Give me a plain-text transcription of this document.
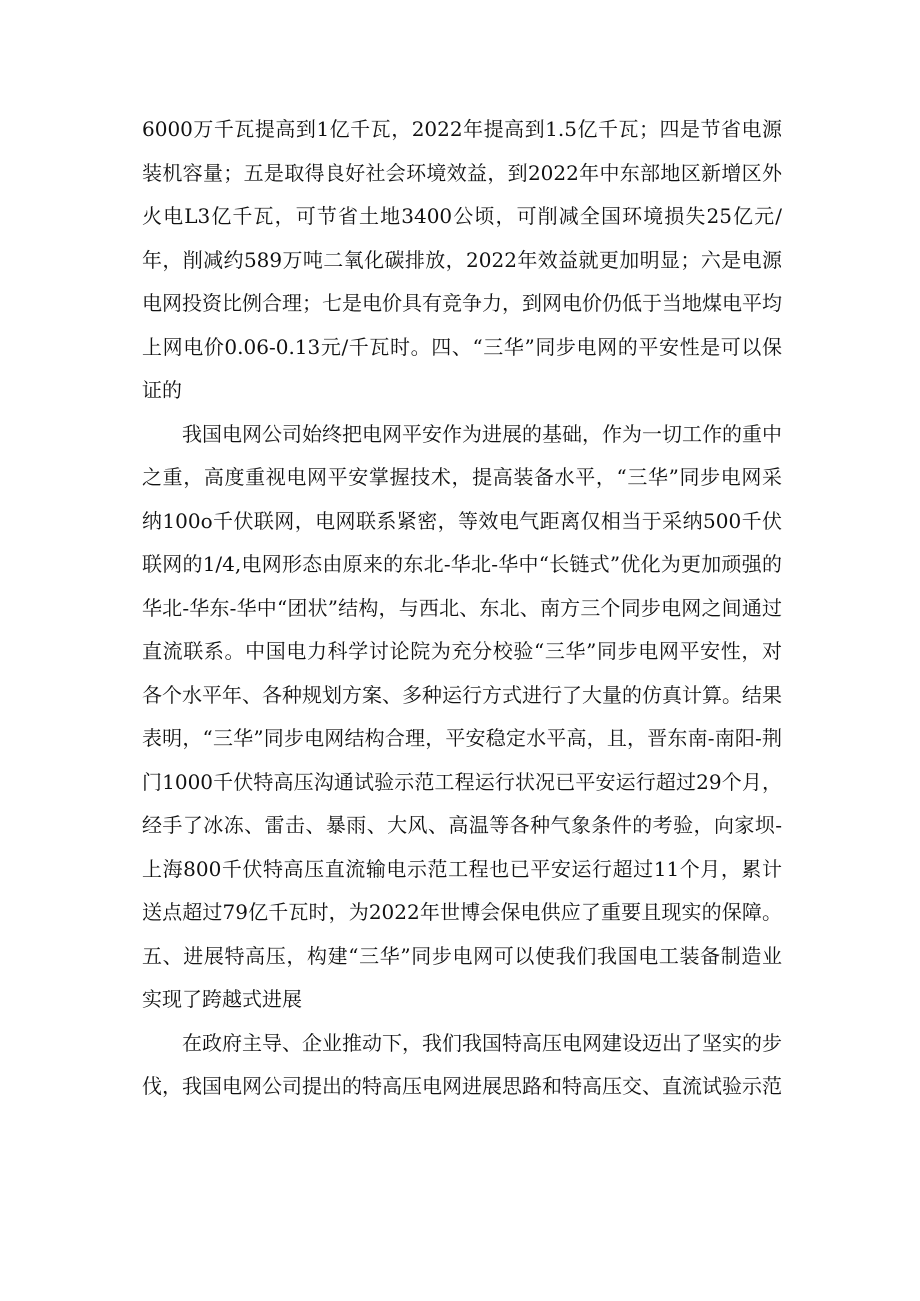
6000万千瓦提高到1亿千瓦，2022年提高到1.5亿千瓦；四是节省电源装机容量；五是取得良好社会环境效益，到2022年中东部地区新增区外火电L3亿千瓦，可节省土地3400公顷，可削减全国环境损失25亿元/年，削减约589万吨二氧化碳排放，2022年效益就更加明显；六是电源电网投资比例合理；七是电价具有竞争力，到网电价仍低于当地煤电平均上网电价0.06-0.13元/千瓦时。四、“三华”同步电网的平安性是可以保证的

我国电网公司始终把电网平安作为进展的基础，作为一切工作的重中之重，高度重视电网平安掌握技术，提高装备水平，“三华”同步电网采纳100o千伏联网，电网联系紧密，等效电气距离仅相当于采纳500千伏联网的1/4,电网形态由原来的东北-华北-华中“长链式”优化为更加顽强的华北-华东-华中“团状”结构，与西北、东北、南方三个同步电网之间通过直流联系。中国电力科学讨论院为充分校验“三华”同步电网平安性，对各个水平年、各种规划方案、多种运行方式进行了大量的仿真计算。结果表明，“三华”同步电网结构合理，平安稳定水平高，且，晋东南-南阳-荆门1000千伏特高压沟通试验示范工程运行状况已平安运行超过29个月，经手了冰冻、雷击、暴雨、大风、高温等各种气象条件的考验，向家坝-上海800千伏特高压直流输电示范工程也已平安运行超过11个月，累计送点超过79亿千瓦时，为2022年世博会保电供应了重要且现实的保障。五、进展特高压，构建“三华”同步电网可以使我们我国电工装备制造业实现了跨越式进展

在政府主导、企业推动下，我们我国特高压电网建设迈出了坚实的步伐，我国电网公司提出的特高压电网进展思路和特高压交、直流试验示范
